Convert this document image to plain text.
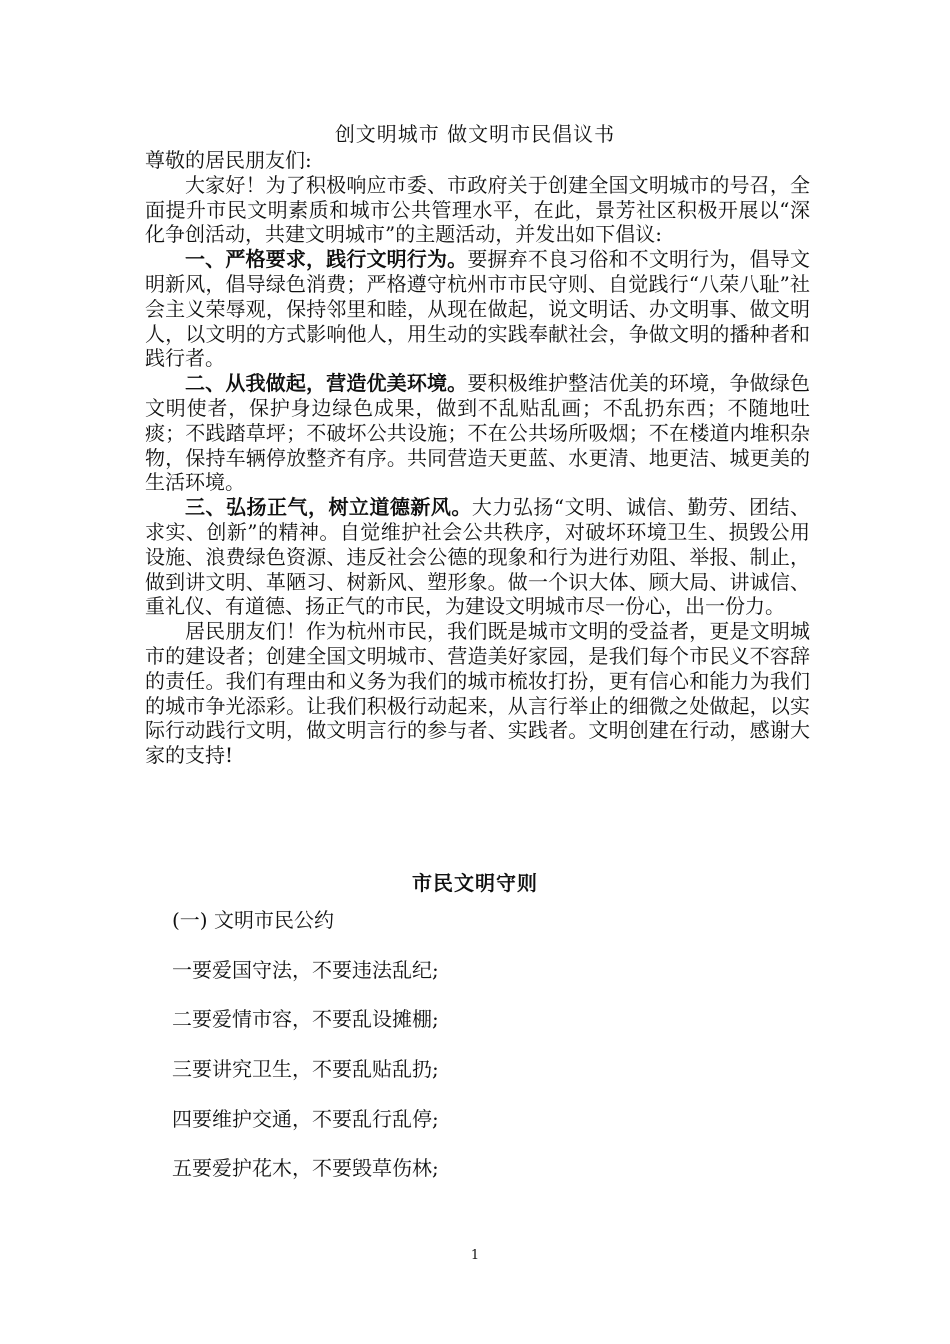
创文明城市 做文明市民倡议书

尊敬的居民朋友们:

大家好！为了积极响应市委、市政府关于创建全国文明城市的号召，全面提升市民文明素质和城市公共管理水平，在此，景芳社区积极开展以“深化争创活动，共建文明城市”的主题活动，并发出如下倡议:

一、严格要求，践行文明行为。要摒弃不良习俗和不文明行为，倡导文明新风，倡导绿色消费；严格遵守杭州市市民守则、自觉践行“八荣八耻”社会主义荣辱观，保持邻里和睦，从现在做起，说文明话、办文明事、做文明人，以文明的方式影响他人，用生动的实践奉献社会，争做文明的播种者和践行者。

二、从我做起，营造优美环境。要积极维护整洁优美的环境，争做绿色文明使者，保护身边绿色成果，做到不乱贴乱画；不乱扔东西；不随地吐痰；不践踏草坪；不破坏公共设施；不在公共场所吸烟；不在楼道内堆积杂物，保持车辆停放整齐有序。共同营造天更蓝、水更清、地更洁、城更美的生活环境。

三、弘扬正气，树立道德新风。大力弘扬“文明、诚信、勤劳、团结、求实、创新”的精神。自觉维护社会公共秩序，对破坏环境卫生、损毁公用设施、浪费绿色资源、违反社会公德的现象和行为进行劝阻、举报、制止，做到讲文明、革陋习、树新风、塑形象。做一个识大体、顾大局、讲诚信、重礼仪、有道德、扬正气的市民，为建设文明城市尽一份心，出一份力。

居民朋友们！作为杭州市民，我们既是城市文明的受益者，更是文明城市的建设者；创建全国文明城市、营造美好家园，是我们每个市民义不容辞的责任。我们有理由和义务为我们的城市梳妆打扮，更有信心和能力为我们的城市争光添彩。让我们积极行动起来，从言行举止的细微之处做起，以实际行动践行文明，做文明言行的参与者、实践者。文明创建在行动，感谢大家的支持!

市民文明守则
(一) 文明市民公约
一要爱国守法，不要违法乱纪;
二要爱情市容，不要乱设摊棚;
三要讲究卫生，不要乱贴乱扔;
四要维护交通，不要乱行乱停;
五要爱护花木，不要毁草伤林;
1
